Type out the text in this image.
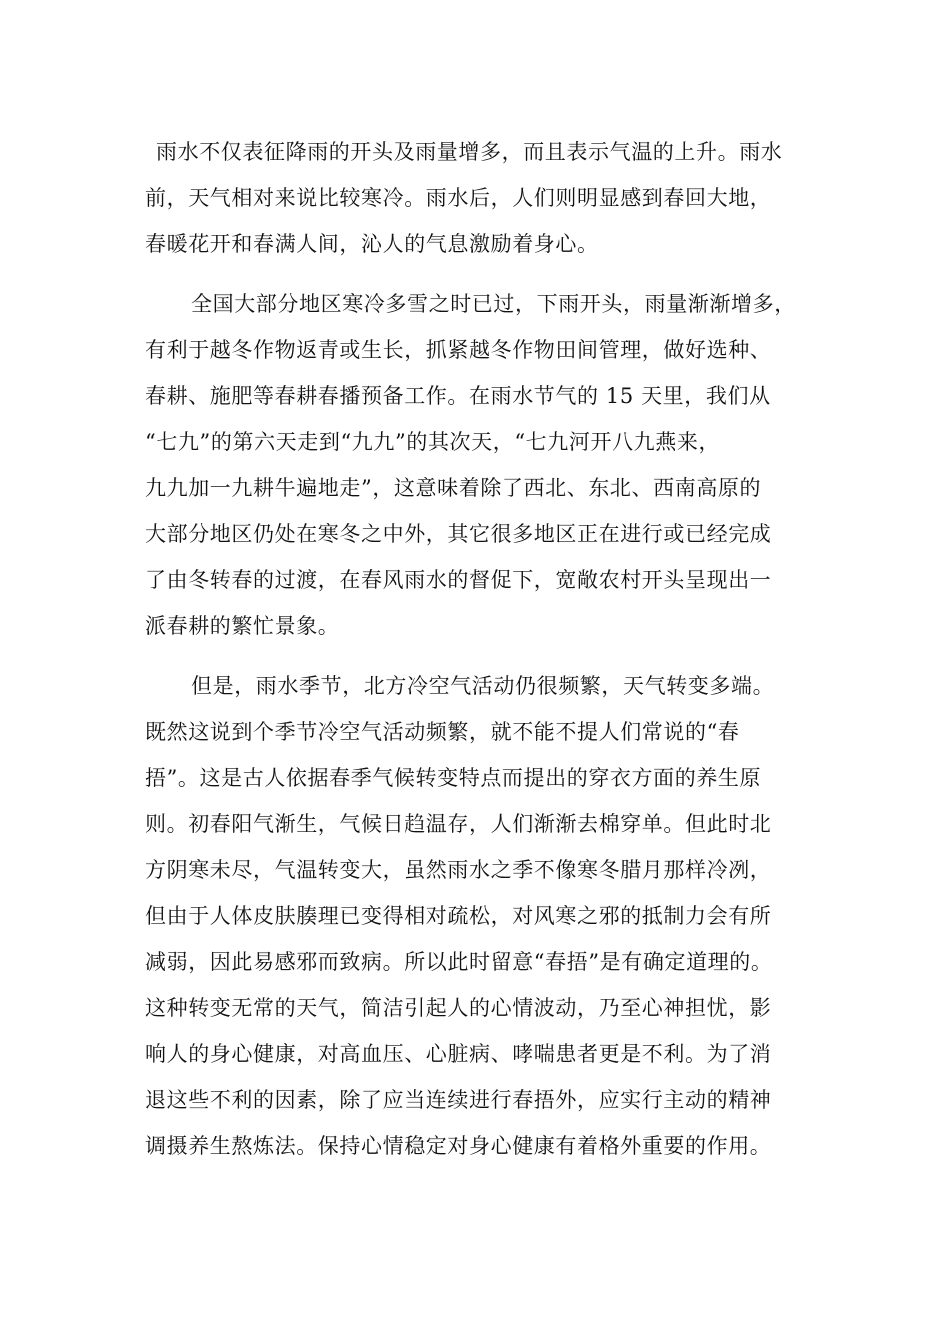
雨水不仅表征降雨的开头及雨量增多，而且表示气温的上升。雨水
前，天气相对来说比较寒冷。雨水后，人们则明显感到春回大地，
春暖花开和春满人间，沁人的气息激励着身心。
全国大部分地区寒冷多雪之时已过，下雨开头，雨量渐渐增多，
有利于越冬作物返青或生长，抓紧越冬作物田间管理，做好选种、
春耕、施肥等春耕春播预备工作。在雨水节气的 15 天里，我们从
“七九”的第六天走到“九九”的其次天，“七九河开八九燕来，
九九加一九耕牛遍地走”，这意味着除了西北、东北、西南高原的
大部分地区仍处在寒冬之中外，其它很多地区正在进行或已经完成
了由冬转春的过渡，在春风雨水的督促下，宽敞农村开头呈现出一
派春耕的繁忙景象。
但是，雨水季节，北方冷空气活动仍很频繁，天气转变多端。
既然这说到个季节冷空气活动频繁，就不能不提人们常说的“春
捂”。这是古人依据春季气候转变特点而提出的穿衣方面的养生原
则。初春阳气渐生，气候日趋温存，人们渐渐去棉穿单。但此时北
方阴寒未尽，气温转变大，虽然雨水之季不像寒冬腊月那样冷冽，
但由于人体皮肤腠理已变得相对疏松，对风寒之邪的抵制力会有所
减弱，因此易感邪而致病。所以此时留意“春捂”是有确定道理的。
这种转变无常的天气，简洁引起人的心情波动，乃至心神担忧，影
响人的身心健康，对高血压、心脏病、哮喘患者更是不利。为了消
退这些不利的因素，除了应当连续进行春捂外，应实行主动的精神
调摄养生熬炼法。保持心情稳定对身心健康有着格外重要的作用。
